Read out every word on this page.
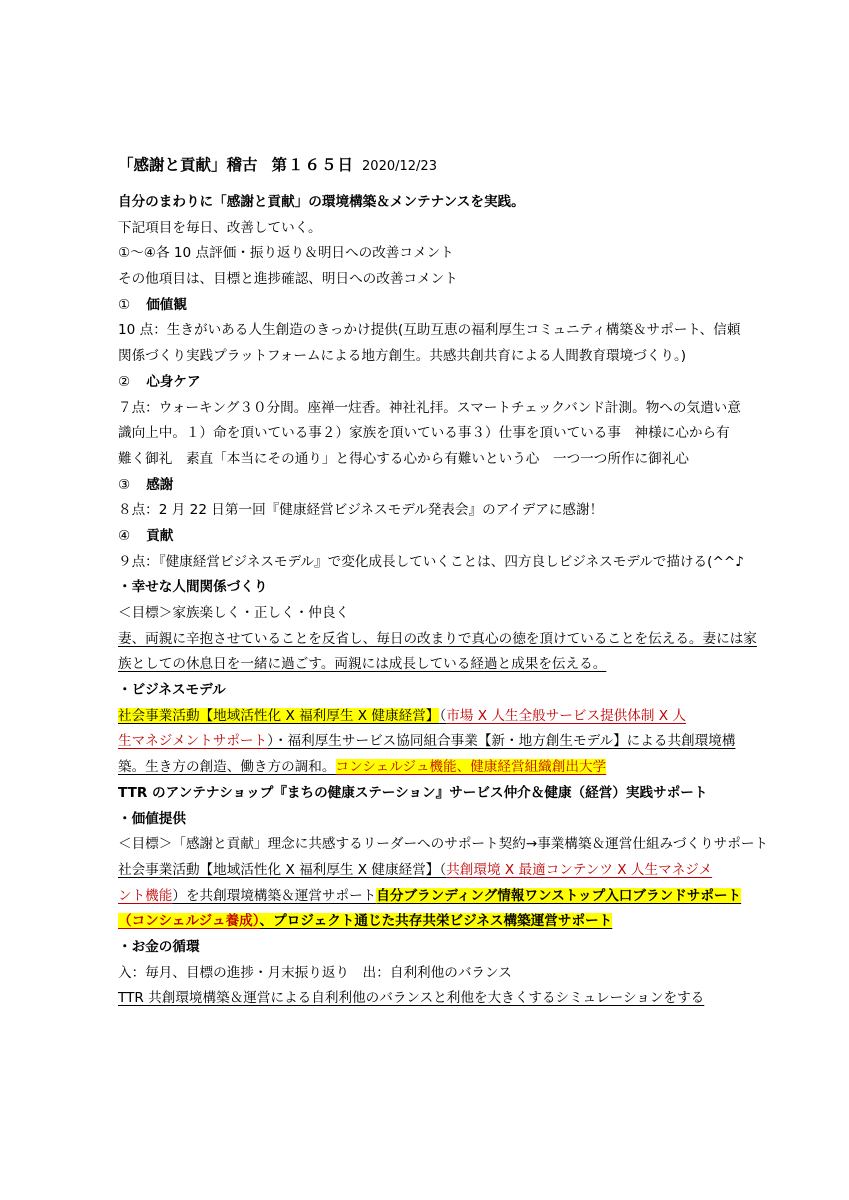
「感謝と貢献」稽古 第１６５日 2020/12/23
自分のまわりに「感謝と貢献」の環境構築＆メンテナンスを実践。
下記項目を毎日、改善していく。
①～④各 10 点評価・振り返り＆明日への改善コメント
その他項目は、目標と進捗確認、明日への改善コメント
① 価値観
10 点：生きがいある人生創造のきっかけ提供(互助互恵の福利厚生コミュニティ構築＆サポート、信頼
関係づくり実践プラットフォームによる地方創生。共感共創共育による人間教育環境づくり。)
② 心身ケア
７点：ウォーキング３０分間。座禅一炷香。神社礼拝。スマートチェックバンド計測。物への気遣い意
識向上中。１）命を頂いている事２）家族を頂いている事３）仕事を頂いている事　神様に心から有
難く御礼　素直「本当にその通り」と得心する心から有難いという心　一つ一つ所作に御礼心
③ 感謝
８点：2 月 22 日第一回『健康経営ビジネスモデル発表会』のアイデアに感謝！
④ 貢献
９点：『健康経営ビジネスモデル』で変化成長していくことは、四方良しビジネスモデルで描ける(^^♪
・幸せな人間関係づくり
＜目標＞家族楽しく・正しく・仲良く
妻、両親に辛抱させていることを反省し、毎日の改まりで真心の徳を頂けていることを伝える。妻には家
族としての休息日を一緒に過ごす。両親には成長している経過と成果を伝える。
・ビジネスモデル
社会事業活動【地域活性化 X 福利厚生 X 健康経営】（市場 X 人生全般サービス提供体制 X 人
生マネジメントサポート）・福利厚生サービス協同組合事業【新・地方創生モデル】による共創環境構
築。生き方の創造、働き方の調和。コンシェルジュ機能、健康経営組織創出大学
TTR のアンテナショップ『まちの健康ステーション』サービス仲介＆健康（経営）実践サポート
・価値提供
＜目標＞「感謝と貢献」理念に共感するリーダーへのサポート契約→事業構築＆運営仕組みづくりサポート
社会事業活動【地域活性化 X 福利厚生 X 健康経営】（共創環境 X 最適コンテンツ X 人生マネジメ
ント機能）を共創環境構築＆運営サポート自分ブランディング情報ワンストップ入口ブランドサポート
（コンシェルジュ養成）、プロジェクト通じた共存共栄ビジネス構築運営サポート
・お金の循環
入：毎月、目標の進捗・月末振り返り　出：自利利他のバランス
TTR 共創環境構築＆運営による自利利他のバランスと利他を大きくするシミュレーションをする
